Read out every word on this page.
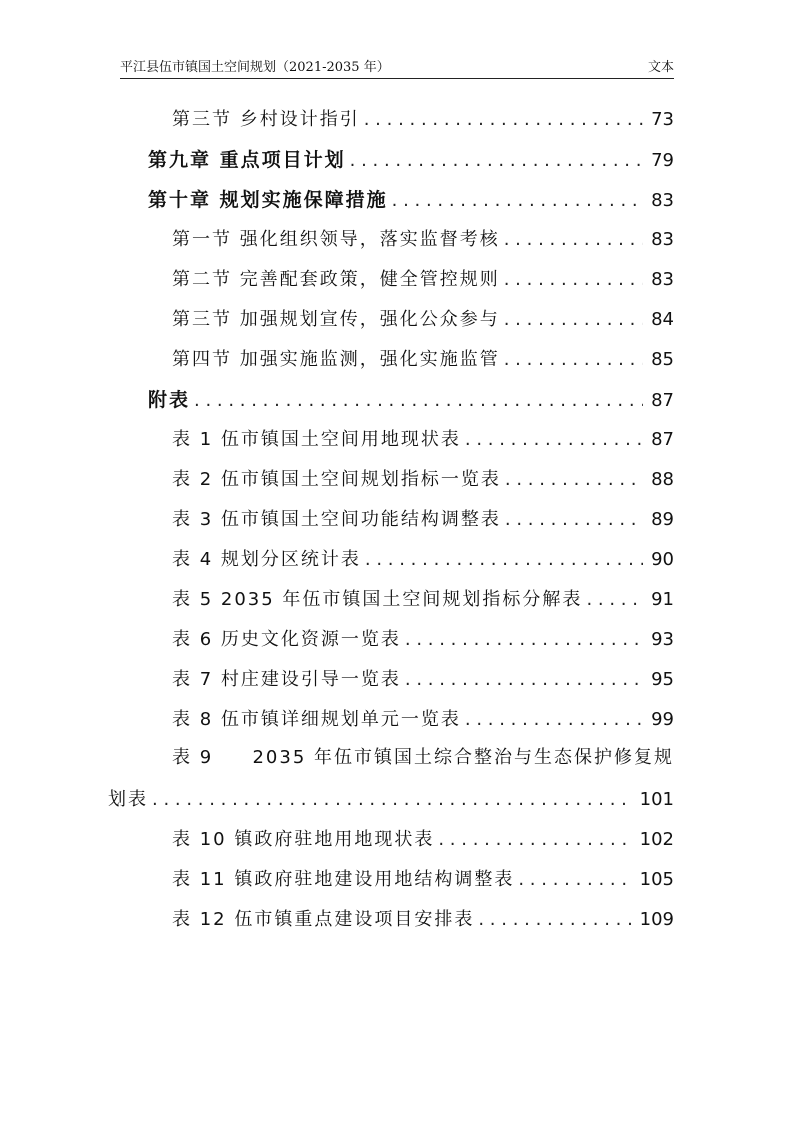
平江县伍市镇国土空间规划（2021-2035 年）	文本
第三节 乡村设计指引 . . .	73
第九章 重点项目计划 . . .	79
第十章 规划实施保障措施 . . .	83
第一节 强化组织领导，落实监督考核 . . .	83
第二节 完善配套政策，健全管控规则 . . .	83
第三节 加强规划宣传，强化公众参与 . . .	84
第四节 加强实施监测，强化实施监管 . . .	85
附表 . . .	87
表 1 伍市镇国土空间用地现状表 . . .	87
表 2 伍市镇国土空间规划指标一览表 . . .	88
表 3 伍市镇国土空间功能结构调整表 . . .	89
表 4 规划分区统计表 . . .	90
表 5 2035 年伍市镇国土空间规划指标分解表 . . .	91
表 6 历史文化资源一览表 . . .	93
表 7 村庄建设引导一览表 . . .	95
表 8 伍市镇详细规划单元一览表 . . .	99
表 9 2035 年伍市镇国土综合整治与生态保护修复规
划表 . . .	101
表 10 镇政府驻地用地现状表 . . .	102
表 11 镇政府驻地建设用地结构调整表 . . .	105
表 12 伍市镇重点建设项目安排表 . . .	109
